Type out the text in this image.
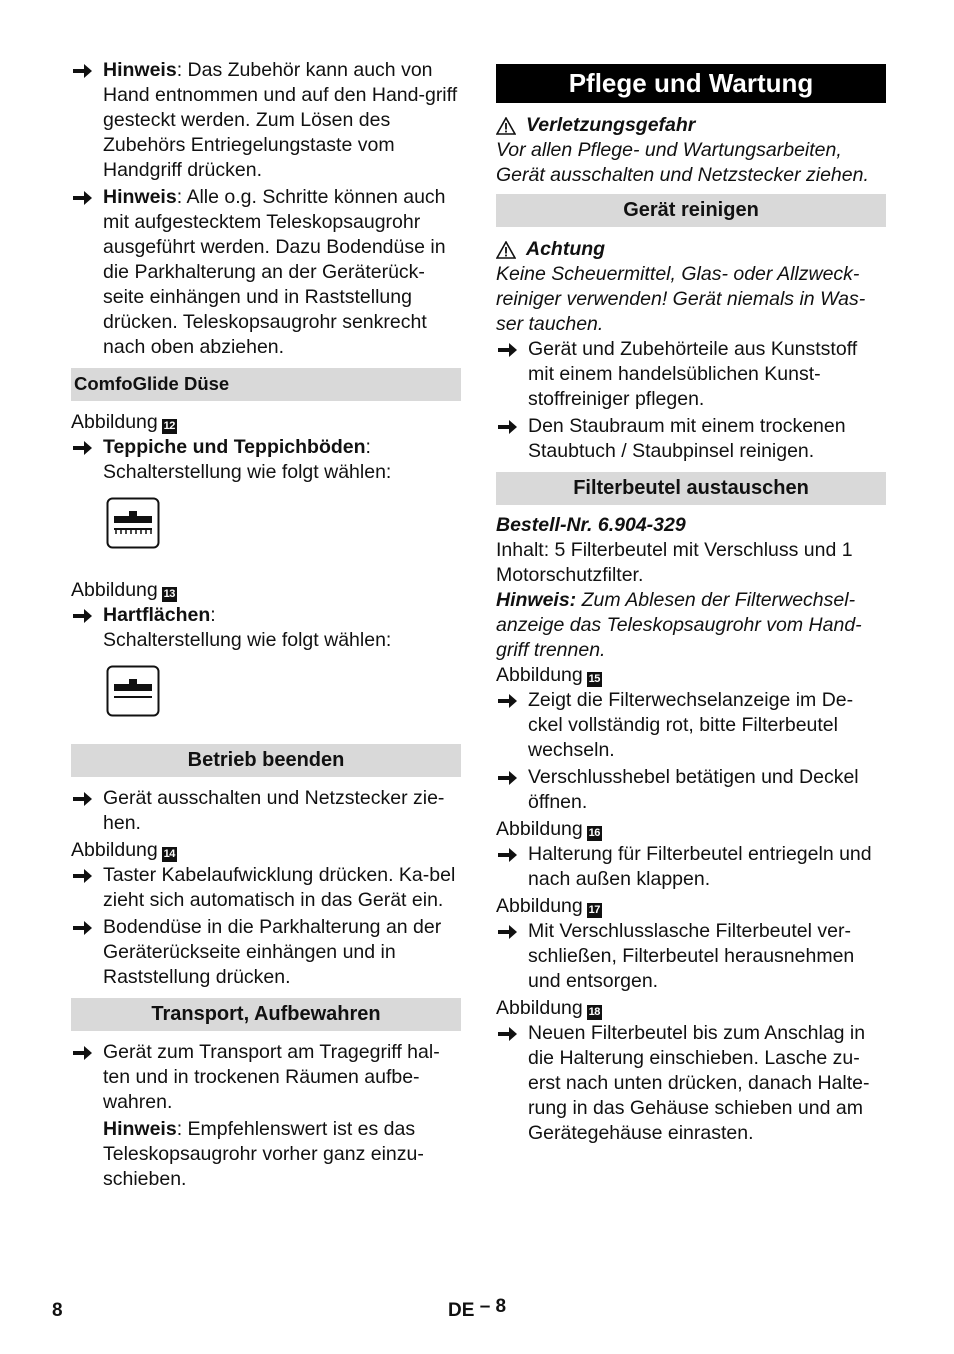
Hinweis: Das Zubehör kann auch von Hand entnommen und auf den Hand-griff gesteckt werden. Zum Lösen des Zubehörs Entriegelungstaste vom Handgriff drücken.

Hinweis: Alle o.g. Schritte können auch mit aufgestecktem Teleskopsaugrohr ausgeführt werden. Dazu Bodendüse in die Parkhalterung an der Geräterück-seite einhängen und in Raststellung drücken. Teleskopsaugrohr senkrecht nach oben abziehen.

ComfoGlide Düse

Abbildung 12

Teppiche und Teppichböden:

Schalterstellung wie folgt wählen:

Abbildung 13

Hartflächen:

Schalterstellung wie folgt wählen:

Betrieb beenden

Gerät ausschalten und Netzstecker zie-hen.

Abbildung 14

Taster Kabelaufwicklung drücken. Ka-bel zieht sich automatisch in das Gerät ein.

Bodendüse in die Parkhalterung an der Geräterückseite einhängen und in Raststellung drücken.

Transport, Aufbewahren

Gerät zum Transport am Tragegriff hal-ten und in trockenen Räumen aufbe-wahren.

Hinweis: Empfehlenswert ist es das Teleskopsaugrohr vorher ganz einzu-schieben.

Pflege und Wartung
Verletzungsgefahr

Vor allen Pflege- und Wartungsarbeiten, Gerät ausschalten und Netzstecker ziehen.

Gerät reinigen
Achtung

Keine Scheuermittel, Glas- oder Allzweck-reiniger verwenden! Gerät niemals in Was-ser tauchen.

Gerät und Zubehörteile aus Kunststoff mit einem handelsüblichen Kunst-stoffreiniger pflegen.

Den Staubraum mit einem trockenen Staubtuch / Staubpinsel reinigen.

Filterbeutel austauschen

Bestell-Nr. 6.904-329

Inhalt: 5 Filterbeutel mit Verschluss und 1 Motorschutzfilter.

Hinweis: Zum Ablesen der Filterwechsel-anzeige das Teleskopsaugrohr vom Hand-griff trennen.

Abbildung 15

Zeigt die Filterwechselanzeige im De-ckel vollständig rot, bitte Filterbeutel wechseln.

Verschlusshebel betätigen und Deckel öffnen.

Abbildung 16

Halterung für Filterbeutel entriegeln und nach außen klappen.

Abbildung 17

Mit Verschlusslasche Filterbeutel ver-schließen, Filterbeutel herausnehmen und entsorgen.

Abbildung 18

Neuen Filterbeutel bis zum Anschlag in die Halterung einschieben. Lasche zu-erst nach unten drücken, danach Halte-rung in das Gehäuse schieben und am Gerätegehäuse einrasten.

8	DE – 8
